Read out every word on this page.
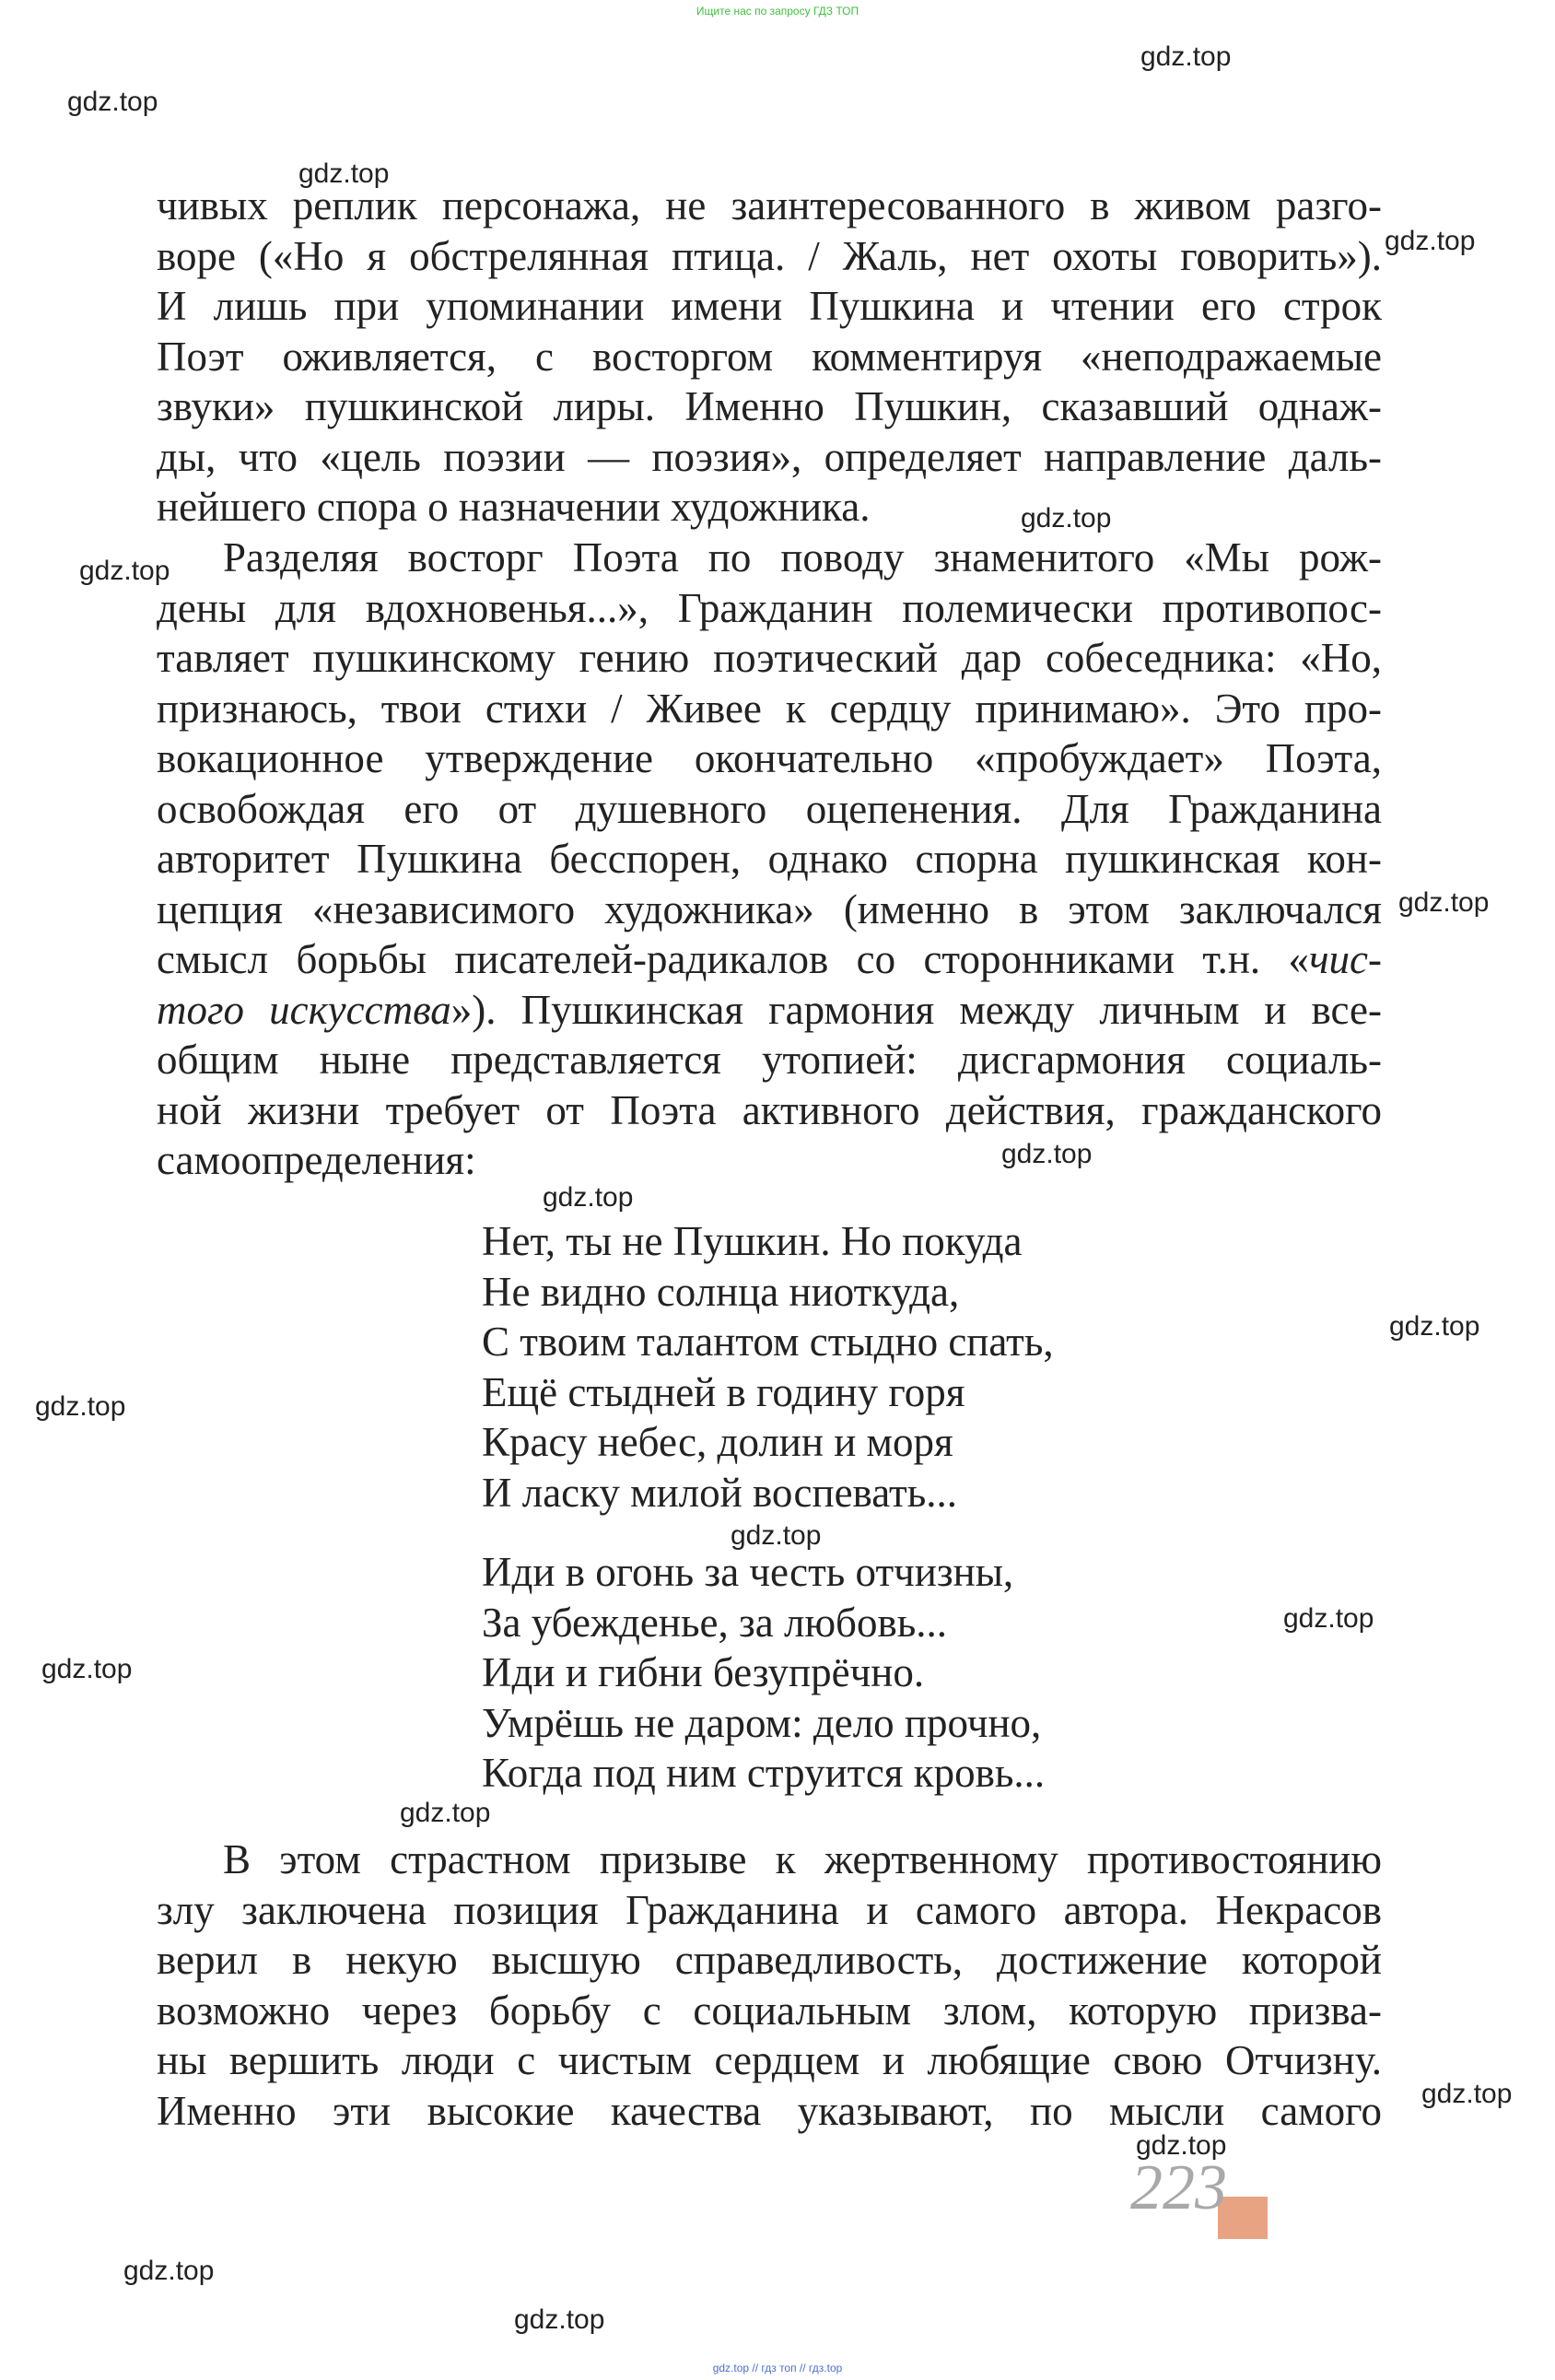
Ищите нас по запросу ГДЗ ТОП
gdz.top
gdz.top
gdz.top
gdz.top
gdz.top
gdz.top
gdz.top
gdz.top
gdz.top
gdz.top
gdz.top
gdz.top
gdz.top
gdz.top
gdz.top
gdz.top
gdz.top
gdz.top
gdz.top
чивых реплик персонажа, не заинтересованного в живом разго-
воре («Но я обстрелянная птица. / Жаль, нет охоты говорить»).
И лишь при упоминании имени Пушкина и чтении его строк
Поэт оживляется, с восторгом комментируя «неподражаемые
звуки» пушкинской лиры. Именно Пушкин, сказавший однаж-
ды, что «цель поэзии — поэзия», определяет направление даль-
нейшего спора о назначении художника.
Разделяя восторг Поэта по поводу знаменитого «Мы рож-
дены для вдохновенья...», Гражданин полемически противопос-
тавляет пушкинскому гению поэтический дар собеседника: «Но,
признаюсь, твои стихи / Живее к сердцу принимаю». Это про-
вокационное утверждение окончательно «пробуждает» Поэта,
освобождая его от душевного оцепенения. Для Гражданина
авторитет Пушкина бесспорен, однако спорна пушкинская кон-
цепция «независимого художника» (именно в этом заключался
смысл борьбы писателей-радикалов со сторонниками т.н. «чис-
того искусства»). Пушкинская гармония между личным и все-
общим ныне представляется утопией: дисгармония социаль-
ной жизни требует от Поэта активного действия, гражданского
самоопределения:
Нет, ты не Пушкин. Но покуда
Не видно солнца ниоткуда,
С твоим талантом стыдно спать,
Ещё стыдней в годину горя
Красу небес, долин и моря
И ласку милой воспевать...
Иди в огонь за честь отчизны,
За убежденье, за любовь...
Иди и гибни безупрёчно.
Умрёшь не даром: дело прочно,
Когда под ним струится кровь...
В этом страстном призыве к жертвенному противостоянию
злу заключена позиция Гражданина и самого автора. Некрасов
верил в некую высшую справедливость, достижение которой
возможно через борьбу с социальным злом, которую призва-
ны вершить люди с чистым сердцем и любящие свою Отчизну.
Именно эти высокие качества указывают, по мысли самого
223
gdz.top // гдз топ // гдз.top
